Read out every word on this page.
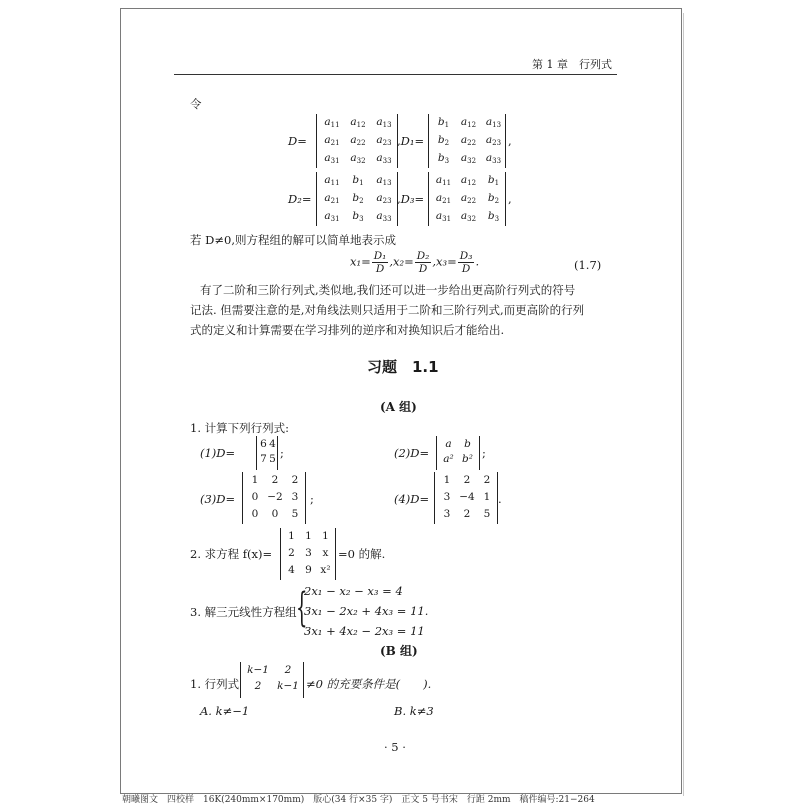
第 1 章　行列式
令
D=
$a_{11}$	$a_{12}$	$a_{13}$
$a_{21}$	$a_{22}$	$a_{23}$
$a_{31}$	$a_{32}$	$a_{33}$
,D₁=
$b_1$	$a_{12}$ $a_{13}$
$b_2$	$a_{22}$ $a_{23}$
$b_3$	$a_{32}$ $a_{33}$
,
D₂=
$a_{11}$	$b_1$	$a_{13}$
$a_{21}$	$b_2$	$a_{23}$
$a_{31}$	$b_3$	$a_{33}$
,D₃=
$a_{11}$ $a_{12}$	$b_1$
$a_{21}$ $a_{22}$	$b_2$
$a_{31}$ $a_{32}$	$b_3$
,
若 D≠0,则方程组的解可以简单地表示成
$x_1= \frac{\text{D₁}}{D} ,x_2= \frac{\text{D₂}}{D} ,x_3= \frac{\text{D₃}}{D}$ .	(1.7)
有了二阶和三阶行列式,类似地,我们还可以进一步给出更高阶行列式的符号
记法. 但需要注意的是,对角线法则只适用于二阶和三阶行列式,而更高阶的行列
式的定义和计算需要在学习排列的逆序和对换知识后才能给出.
习题　1.1
(A 组)
1. 计算下列行列式:
(1)D=
6 4
7 5 ;	(2)D=
a	b
a² b² ;
(3)D=
1	2	2
0 −2 3
0	0	5
;	(4)D=
1	2	2
3 −4 1
3	2	5
.
2. 求方程 f(x)=
1 1 1
2 3	x
4 9 x²
=0 的解.
3. 解三元线性方程组 {
2x₁ − x₂ − x₃ = 4
3x₁ − 2x₂ + 4x₃ = 11.
3x₁ + 4x₂ − 2x₃ = 11
(B 组)
1. 行列式
k−1	2
2	k−1 ≠0 的充要条件是(　　).
A. k≠−1	B. k≠3
· 5 ·
朝曦图文　四校样　16K(240mm×170mm)　版心(34 行×35 字)　正文 5 号书宋　行距 2mm　稿件编号:21−264
